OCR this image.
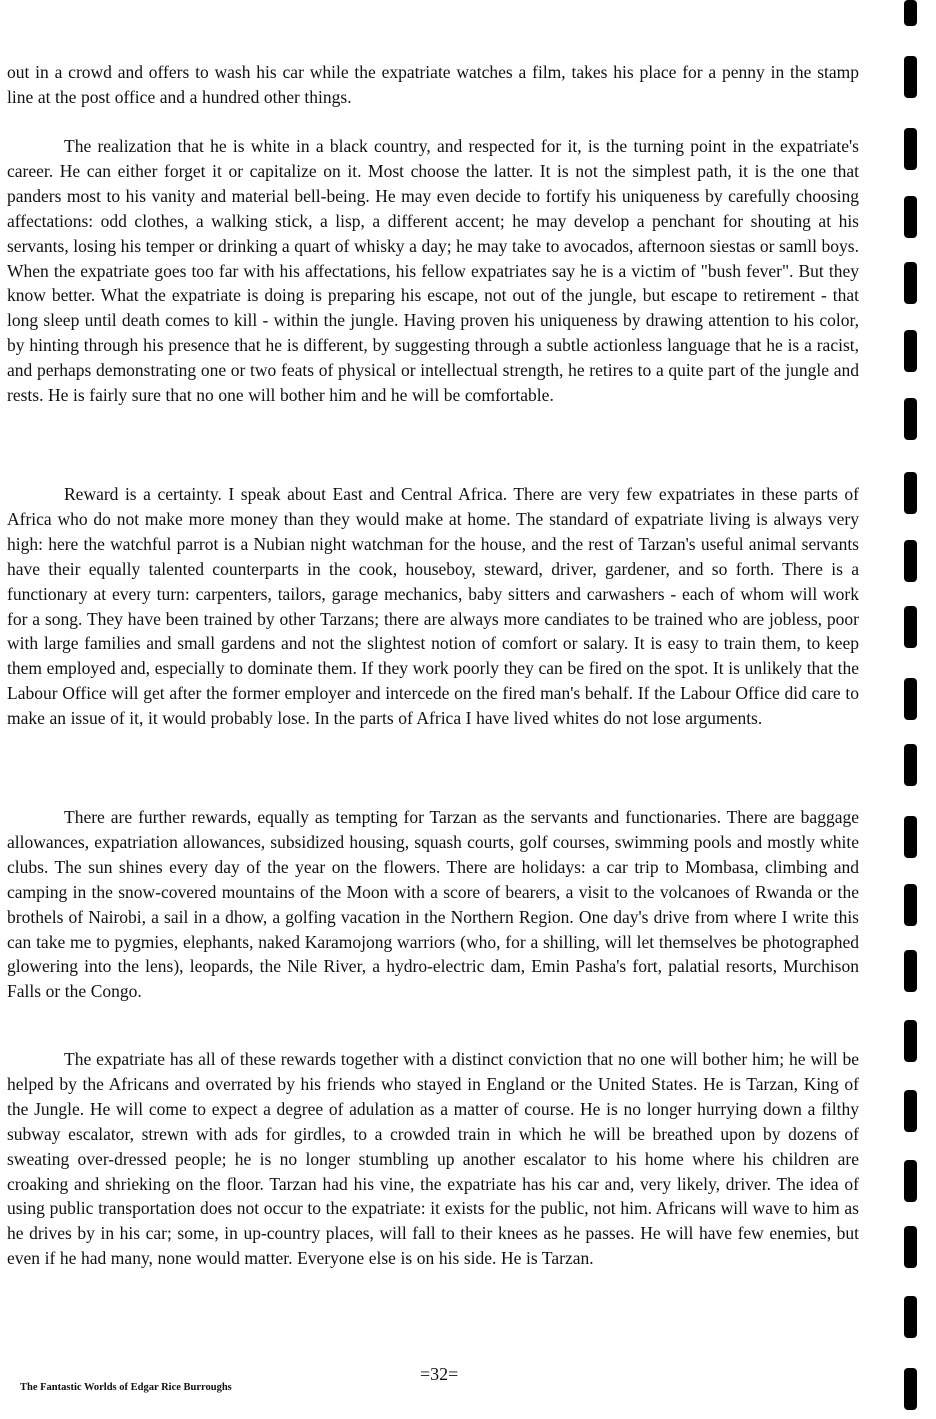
out in a crowd and offers to wash his car while the expatriate watches a film, takes his place for a penny in the stamp line at the post office and a hundred other things.

The realization that he is white in a black country, and respected for it, is the turning point in the expatriate's career. He can either forget it or capitalize on it. Most choose the latter. It is not the simplest path, it is the one that panders most to his vanity and material bell-being. He may even decide to fortify his uniqueness by carefully choosing affectations: odd clothes, a walking stick, a lisp, a different accent; he may develop a penchant for shouting at his servants, losing his temper or drinking a quart of whisky a day; he may take to avocados, afternoon siestas or samll boys. When the expatriate goes too far with his affectations, his fellow expatriates say he is a victim of "bush fever". But they know better. What the expatriate is doing is preparing his escape, not out of the jungle, but escape to retirement - that long sleep until death comes to kill - within the jungle. Having proven his uniqueness by drawing attention to his color, by hinting through his presence that he is different, by suggesting through a subtle actionless language that he is a racist, and perhaps demonstrating one or two feats of physical or intellectual strength, he retires to a quite part of the jungle and rests. He is fairly sure that no one will bother him and he will be comfortable.

Reward is a certainty. I speak about East and Central Africa. There are very few expatriates in these parts of Africa who do not make more money than they would make at home. The standard of expatriate living is always very high: here the watchful parrot is a Nubian night watchman for the house, and the rest of Tarzan's useful animal servants have their equally talented counterparts in the cook, houseboy, steward, driver, gardener, and so forth. There is a functionary at every turn: carpenters, tailors, garage mechanics, baby sitters and carwashers - each of whom will work for a song. They have been trained by other Tarzans; there are always more candiates to be trained who are jobless, poor with large families and small gardens and not the slightest notion of comfort or salary. It is easy to train them, to keep them employed and, especially to dominate them. If they work poorly they can be fired on the spot. It is unlikely that the Labour Office will get after the former employer and intercede on the fired man's behalf. If the Labour Office did care to make an issue of it, it would probably lose. In the parts of Africa I have lived whites do not lose arguments.

There are further rewards, equally as tempting for Tarzan as the servants and functionaries. There are baggage allowances, expatriation allowances, subsidized housing, squash courts, golf courses, swimming pools and mostly white clubs. The sun shines every day of the year on the flowers. There are holidays: a car trip to Mombasa, climbing and camping in the snow-covered mountains of the Moon with a score of bearers, a visit to the volcanoes of Rwanda or the brothels of Nairobi, a sail in a dhow, a golfing vacation in the Northern Region. One day's drive from where I write this can take me to pygmies, elephants, naked Karamojong warriors (who, for a shilling, will let themselves be photographed glowering into the lens), leopards, the Nile River, a hydro-electric dam, Emin Pasha's fort, palatial resorts, Murchison Falls or the Congo.

The expatriate has all of these rewards together with a distinct conviction that no one will bother him; he will be helped by the Africans and overrated by his friends who stayed in England or the United States. He is Tarzan, King of the Jungle. He will come to expect a degree of adulation as a matter of course. He is no longer hurrying down a filthy subway escalator, strewn with ads for girdles, to a crowded train in which he will be breathed upon by dozens of sweating over-dressed people; he is no longer stumbling up another escalator to his home where his children are croaking and shrieking on the floor. Tarzan had his vine, the expatriate has his car and, very likely, driver. The idea of using public transportation does not occur to the expatriate: it exists for the public, not him. Africans will wave to him as he drives by in his car; some, in up-country places, will fall to their knees as he passes. He will have few enemies, but even if he had many, none would matter. Everyone else is on his side. He is Tarzan.

=32=
The Fantastic Worlds of Edgar Rice Burroughs
